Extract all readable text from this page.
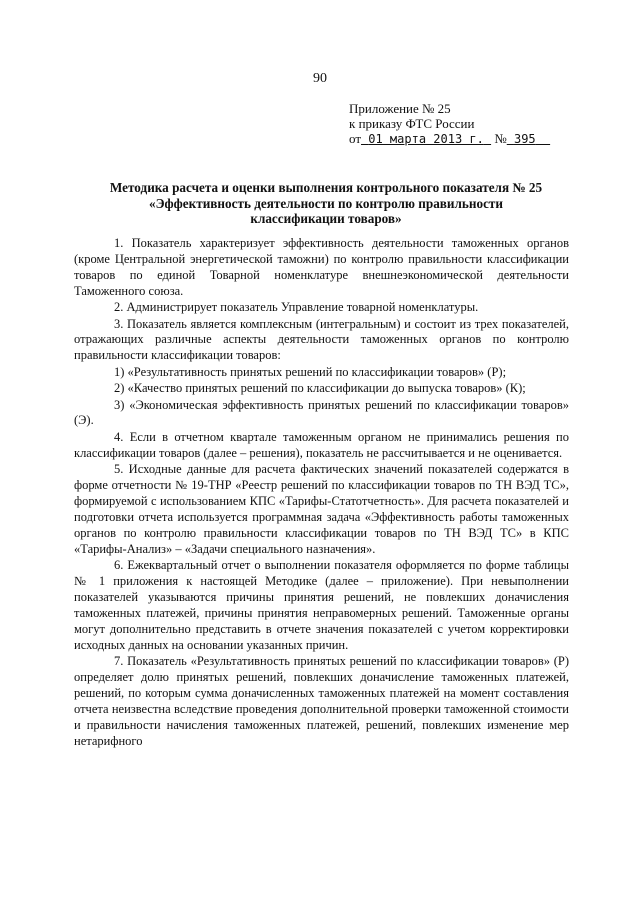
90
Приложение № 25
к приказу ФТС России
от 01 марта 2013 г. № 395
Методика расчета и оценки выполнения контрольного показателя № 25
«Эффективность деятельности по контролю правильности
классификации товаров»

1. Показатель характеризует эффективность деятельности таможенных органов (кроме Центральной энергетической таможни) по контролю правильности классификации товаров по единой Товарной номенклатуре внешнеэкономической деятельности Таможенного союза.

2. Администрирует показатель Управление товарной номенклатуры.

3. Показатель является комплексным (интегральным) и состоит из трех показателей, отражающих различные аспекты деятельности таможенных органов по контролю правильности классификации товаров:

1) «Результативность принятых решений по классификации товаров» (Р);

2) «Качество принятых решений по классификации до выпуска товаров» (К);

3) «Экономическая эффективность принятых решений по классификации товаров» (Э).

4. Если в отчетном квартале таможенным органом не принимались решения по классификации товаров (далее – решения), показатель не рассчитывается и не оценивается.

5. Исходные данные для расчета фактических значений показателей содержатся в форме отчетности № 19-ТНР «Реестр решений по классификации товаров по ТН ВЭД ТС», формируемой с использованием КПС «Тарифы-Статотчетность». Для расчета показателей и подготовки отчета используется программная задача «Эффективность работы таможенных органов по контролю правильности классификации товаров по ТН ВЭД ТС» в КПС «Тарифы-Анализ» – «Задачи специального назначения».

6. Ежеквартальный отчет о выполнении показателя оформляется по форме таблицы № 1 приложения к настоящей Методике (далее – приложение). При невыполнении показателей указываются причины принятия решений, не повлекших доначисления таможенных платежей, причины принятия неправомерных решений. Таможенные органы могут дополнительно представить в отчете значения показателей с учетом корректировки исходных данных на основании указанных причин.

7. Показатель «Результативность принятых решений по классификации товаров» (Р) определяет долю принятых решений, повлекших доначисление таможенных платежей, решений, по которым сумма доначисленных таможенных платежей на момент составления отчета неизвестна вследствие проведения дополнительной проверки таможенной стоимости и правильности начисления таможенных платежей, решений, повлекших изменение мер нетарифного
